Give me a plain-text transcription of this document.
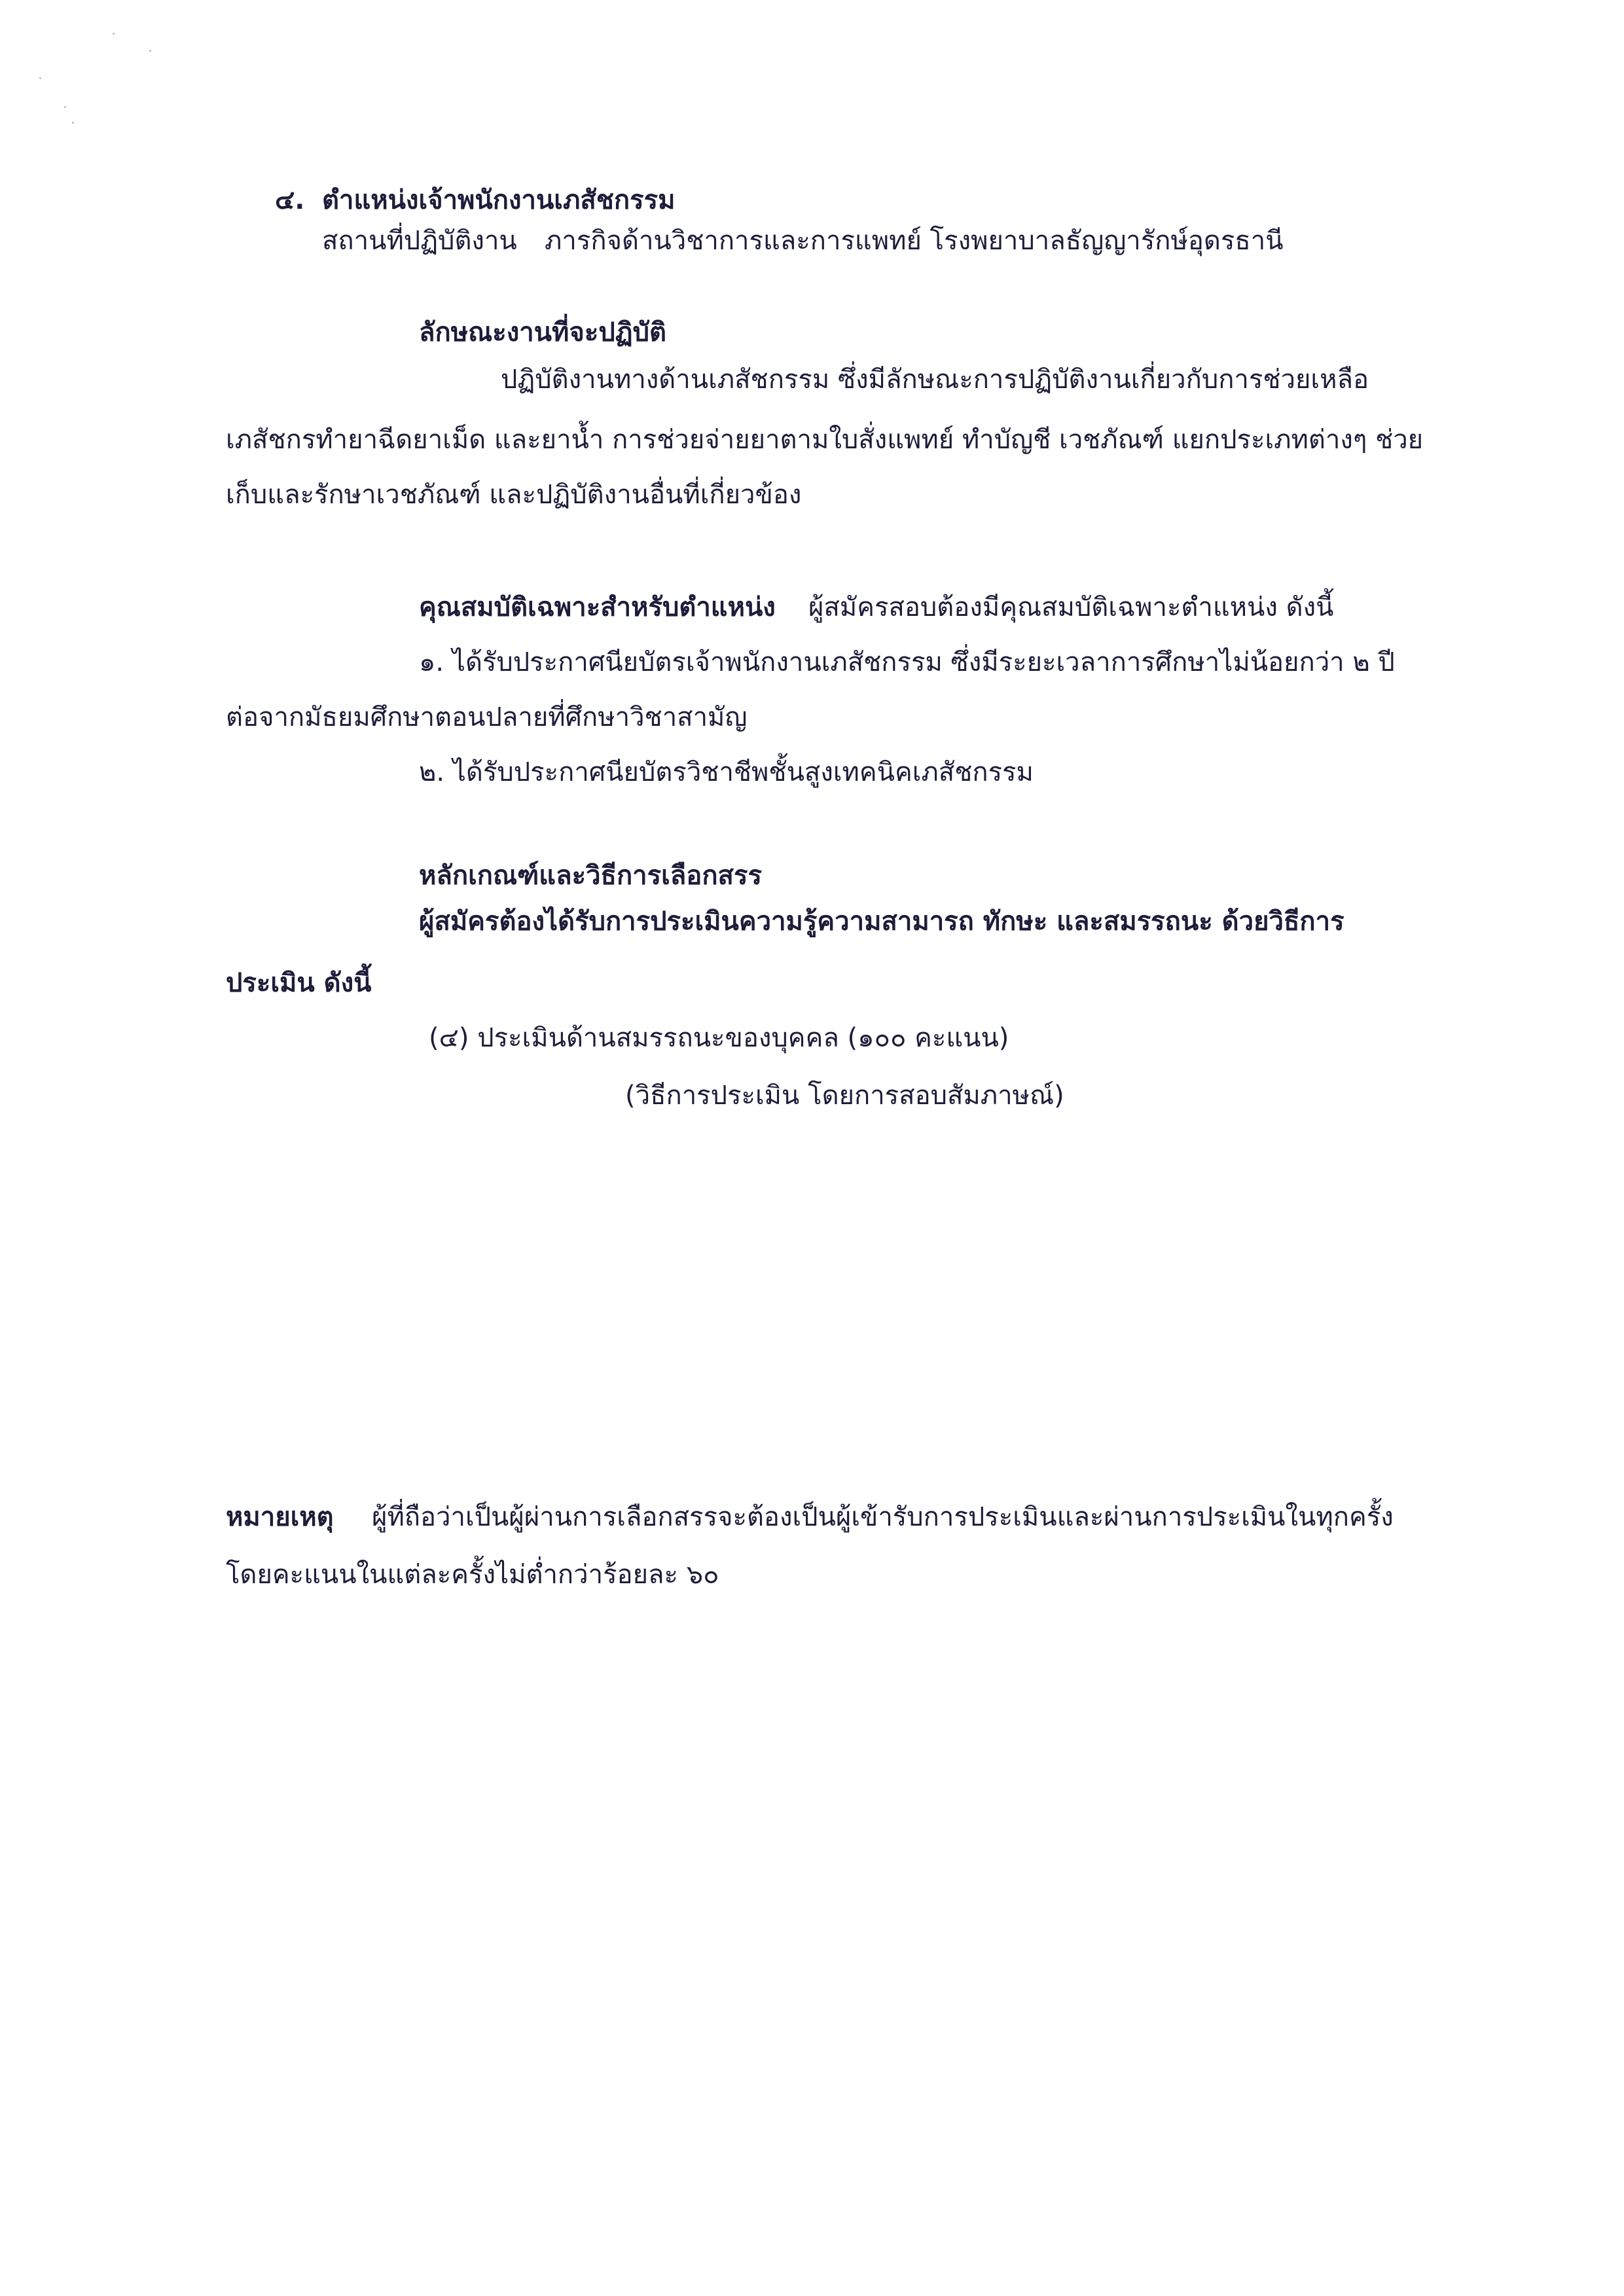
๔. ตำแหน่งเจ้าพนักงานเภสัชกรรม
สถานที่ปฏิบัติงาน ภารกิจด้านวิชาการและการแพทย์ โรงพยาบาลธัญญารักษ์อุดรธานี
ลักษณะงานที่จะปฏิบัติ
ปฏิบัติงานทางด้านเภสัชกรรม ซึ่งมีลักษณะการปฏิบัติงานเกี่ยวกับการช่วยเหลือ
เภสัชกรทำยาฉีดยาเม็ด และยาน้ำ การช่วยจ่ายยาตามใบสั่งแพทย์ ทำบัญชี เวชภัณฑ์ แยกประเภทต่างๆ ช่วย
เก็บและรักษาเวชภัณฑ์ และปฏิบัติงานอื่นที่เกี่ยวข้อง
คุณสมบัติเฉพาะสำหรับตำแหน่ง ผู้สมัครสอบต้องมีคุณสมบัติเฉพาะตำแหน่ง ดังนี้
๑. ได้รับประกาศนียบัตรเจ้าพนักงานเภสัชกรรม ซึ่งมีระยะเวลาการศึกษาไม่น้อยกว่า ๒ ปี
ต่อจากมัธยมศึกษาตอนปลายที่ศึกษาวิชาสามัญ
๒. ได้รับประกาศนียบัตรวิชาชีพชั้นสูงเทคนิคเภสัชกรรม
หลักเกณฑ์และวิธีการเลือกสรร
ผู้สมัครต้องได้รับการประเมินความรู้ความสามารถ ทักษะ และสมรรถนะ ด้วยวิธีการ
ประเมิน ดังนี้
(๔) ประเมินด้านสมรรถนะของบุคคล (๑๐๐ คะแนน)
(วิธีการประเมิน โดยการสอบสัมภาษณ์)
หมายเหตุ ผู้ที่ถือว่าเป็นผู้ผ่านการเลือกสรรจะต้องเป็นผู้เข้ารับการประเมินและผ่านการประเมินในทุกครั้ง
โดยคะแนนในแต่ละครั้งไม่ต่ำกว่าร้อยละ ๖๐
